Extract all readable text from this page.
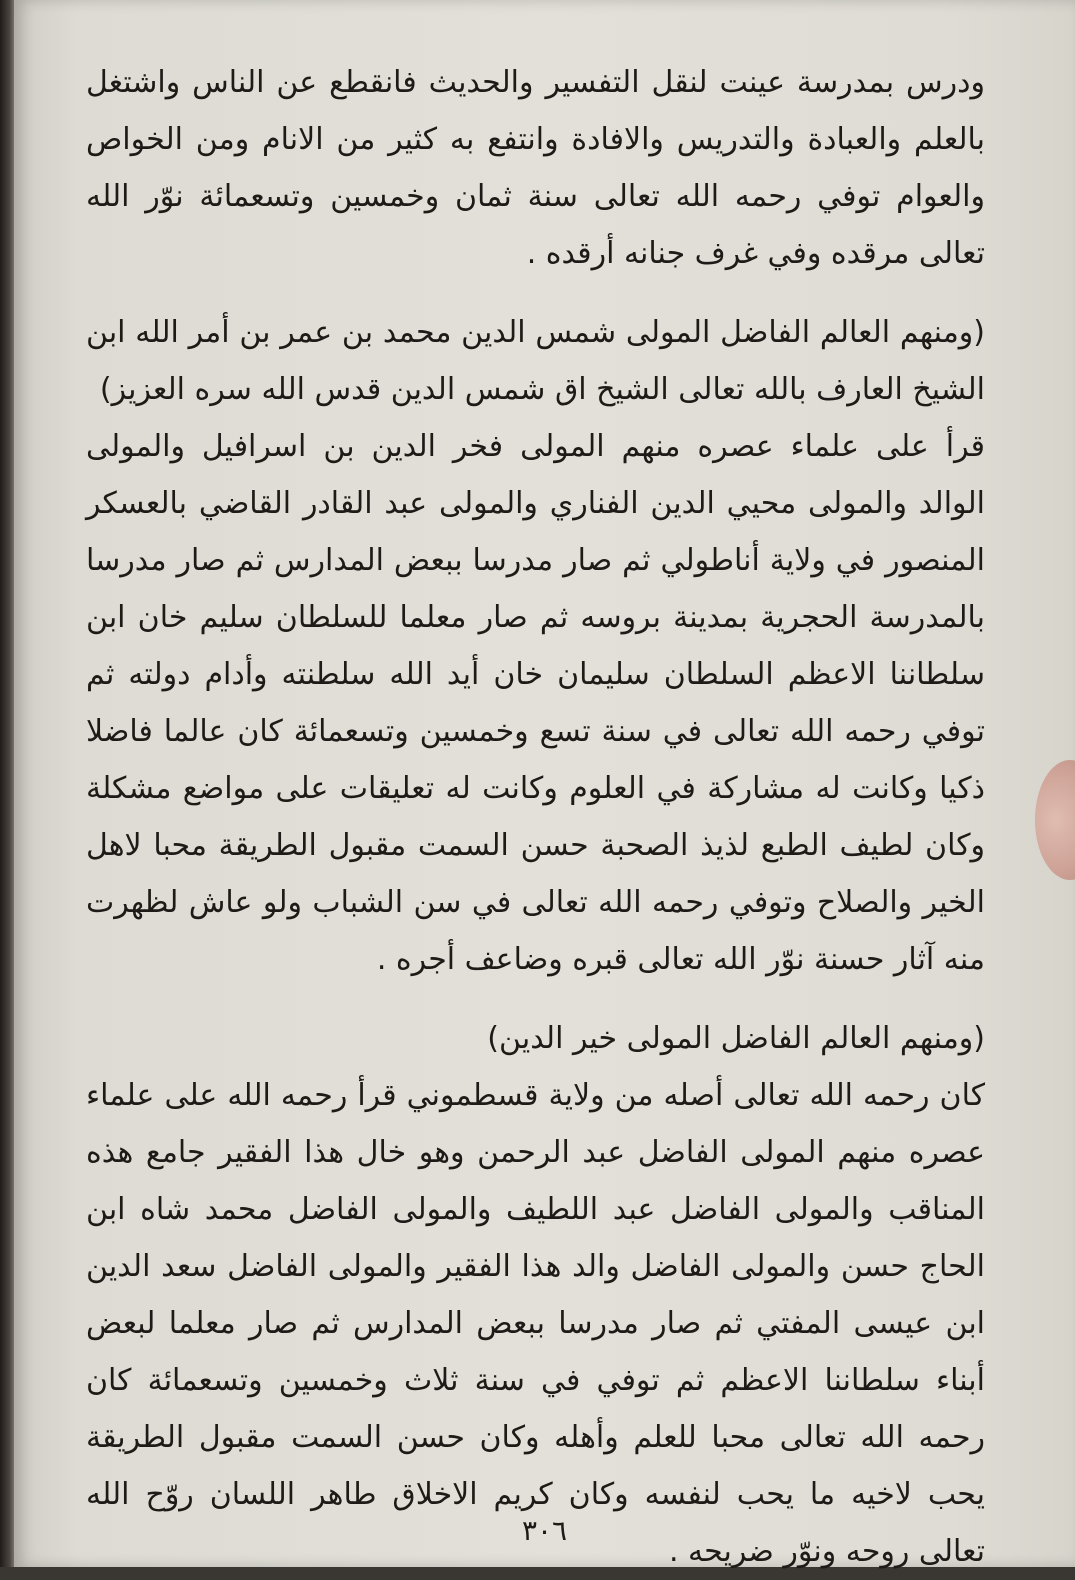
ودرس بمدرسة عينت لنقل التفسير والحديث فانقطع عن الناس واشتغل بالعلم والعبادة والتدريس والافادة وانتفع به كثير من الانام ومن الخواص والعوام توفي رحمه الله تعالى سنة ثمان وخمسين وتسعمائة نوّر الله تعالى مرقده وفي غرف جنانه أرقده .

(ومنهم العالم الفاضل المولى شمس الدين محمد بن عمر بن أمر الله ابن الشيخ العارف بالله تعالى الشيخ اق شمس الدين قدس الله سره العزيز)

قرأ على علماء عصره منهم المولى فخر الدين بن اسرافيل والمولى الوالد والمولى محيي الدين الفناري والمولى عبد القادر القاضي بالعسكر المنصور في ولاية أناطولي ثم صار مدرسا ببعض المدارس ثم صار مدرسا بالمدرسة الحجرية بمدينة بروسه ثم صار معلما للسلطان سليم خان ابن سلطاننا الاعظم السلطان سليمان خان أيد الله سلطنته وأدام دولته ثم توفي رحمه الله تعالى في سنة تسع وخمسين وتسعمائة كان عالما فاضلا ذكيا وكانت له مشاركة في العلوم وكانت له تعليقات على مواضع مشكلة وكان لطيف الطبع لذيذ الصحبة حسن السمت مقبول الطريقة محبا لاهل الخير والصلاح وتوفي رحمه الله تعالى في سن الشباب ولو عاش لظهرت منه آثار حسنة نوّر الله تعالى قبره وضاعف أجره .

(ومنهم العالم الفاضل المولى خير الدين)

كان رحمه الله تعالى أصله من ولاية قسطموني قرأ رحمه الله على علماء عصره منهم المولى الفاضل عبد الرحمن وهو خال هذا الفقير جامع هذه المناقب والمولى الفاضل عبد اللطيف والمولى الفاضل محمد شاه ابن الحاج حسن والمولى الفاضل والد هذا الفقير والمولى الفاضل سعد الدين ابن عيسى المفتي ثم صار مدرسا ببعض المدارس ثم صار معلما لبعض أبناء سلطاننا الاعظم ثم توفي في سنة ثلاث وخمسين وتسعمائة كان رحمه الله تعالى محبا للعلم وأهله وكان حسن السمت مقبول الطريقة يحب لاخيه ما يحب لنفسه وكان كريم الاخلاق طاهر اللسان روّح الله تعالى روحه ونوّر ضريحه .

٣٠٦
